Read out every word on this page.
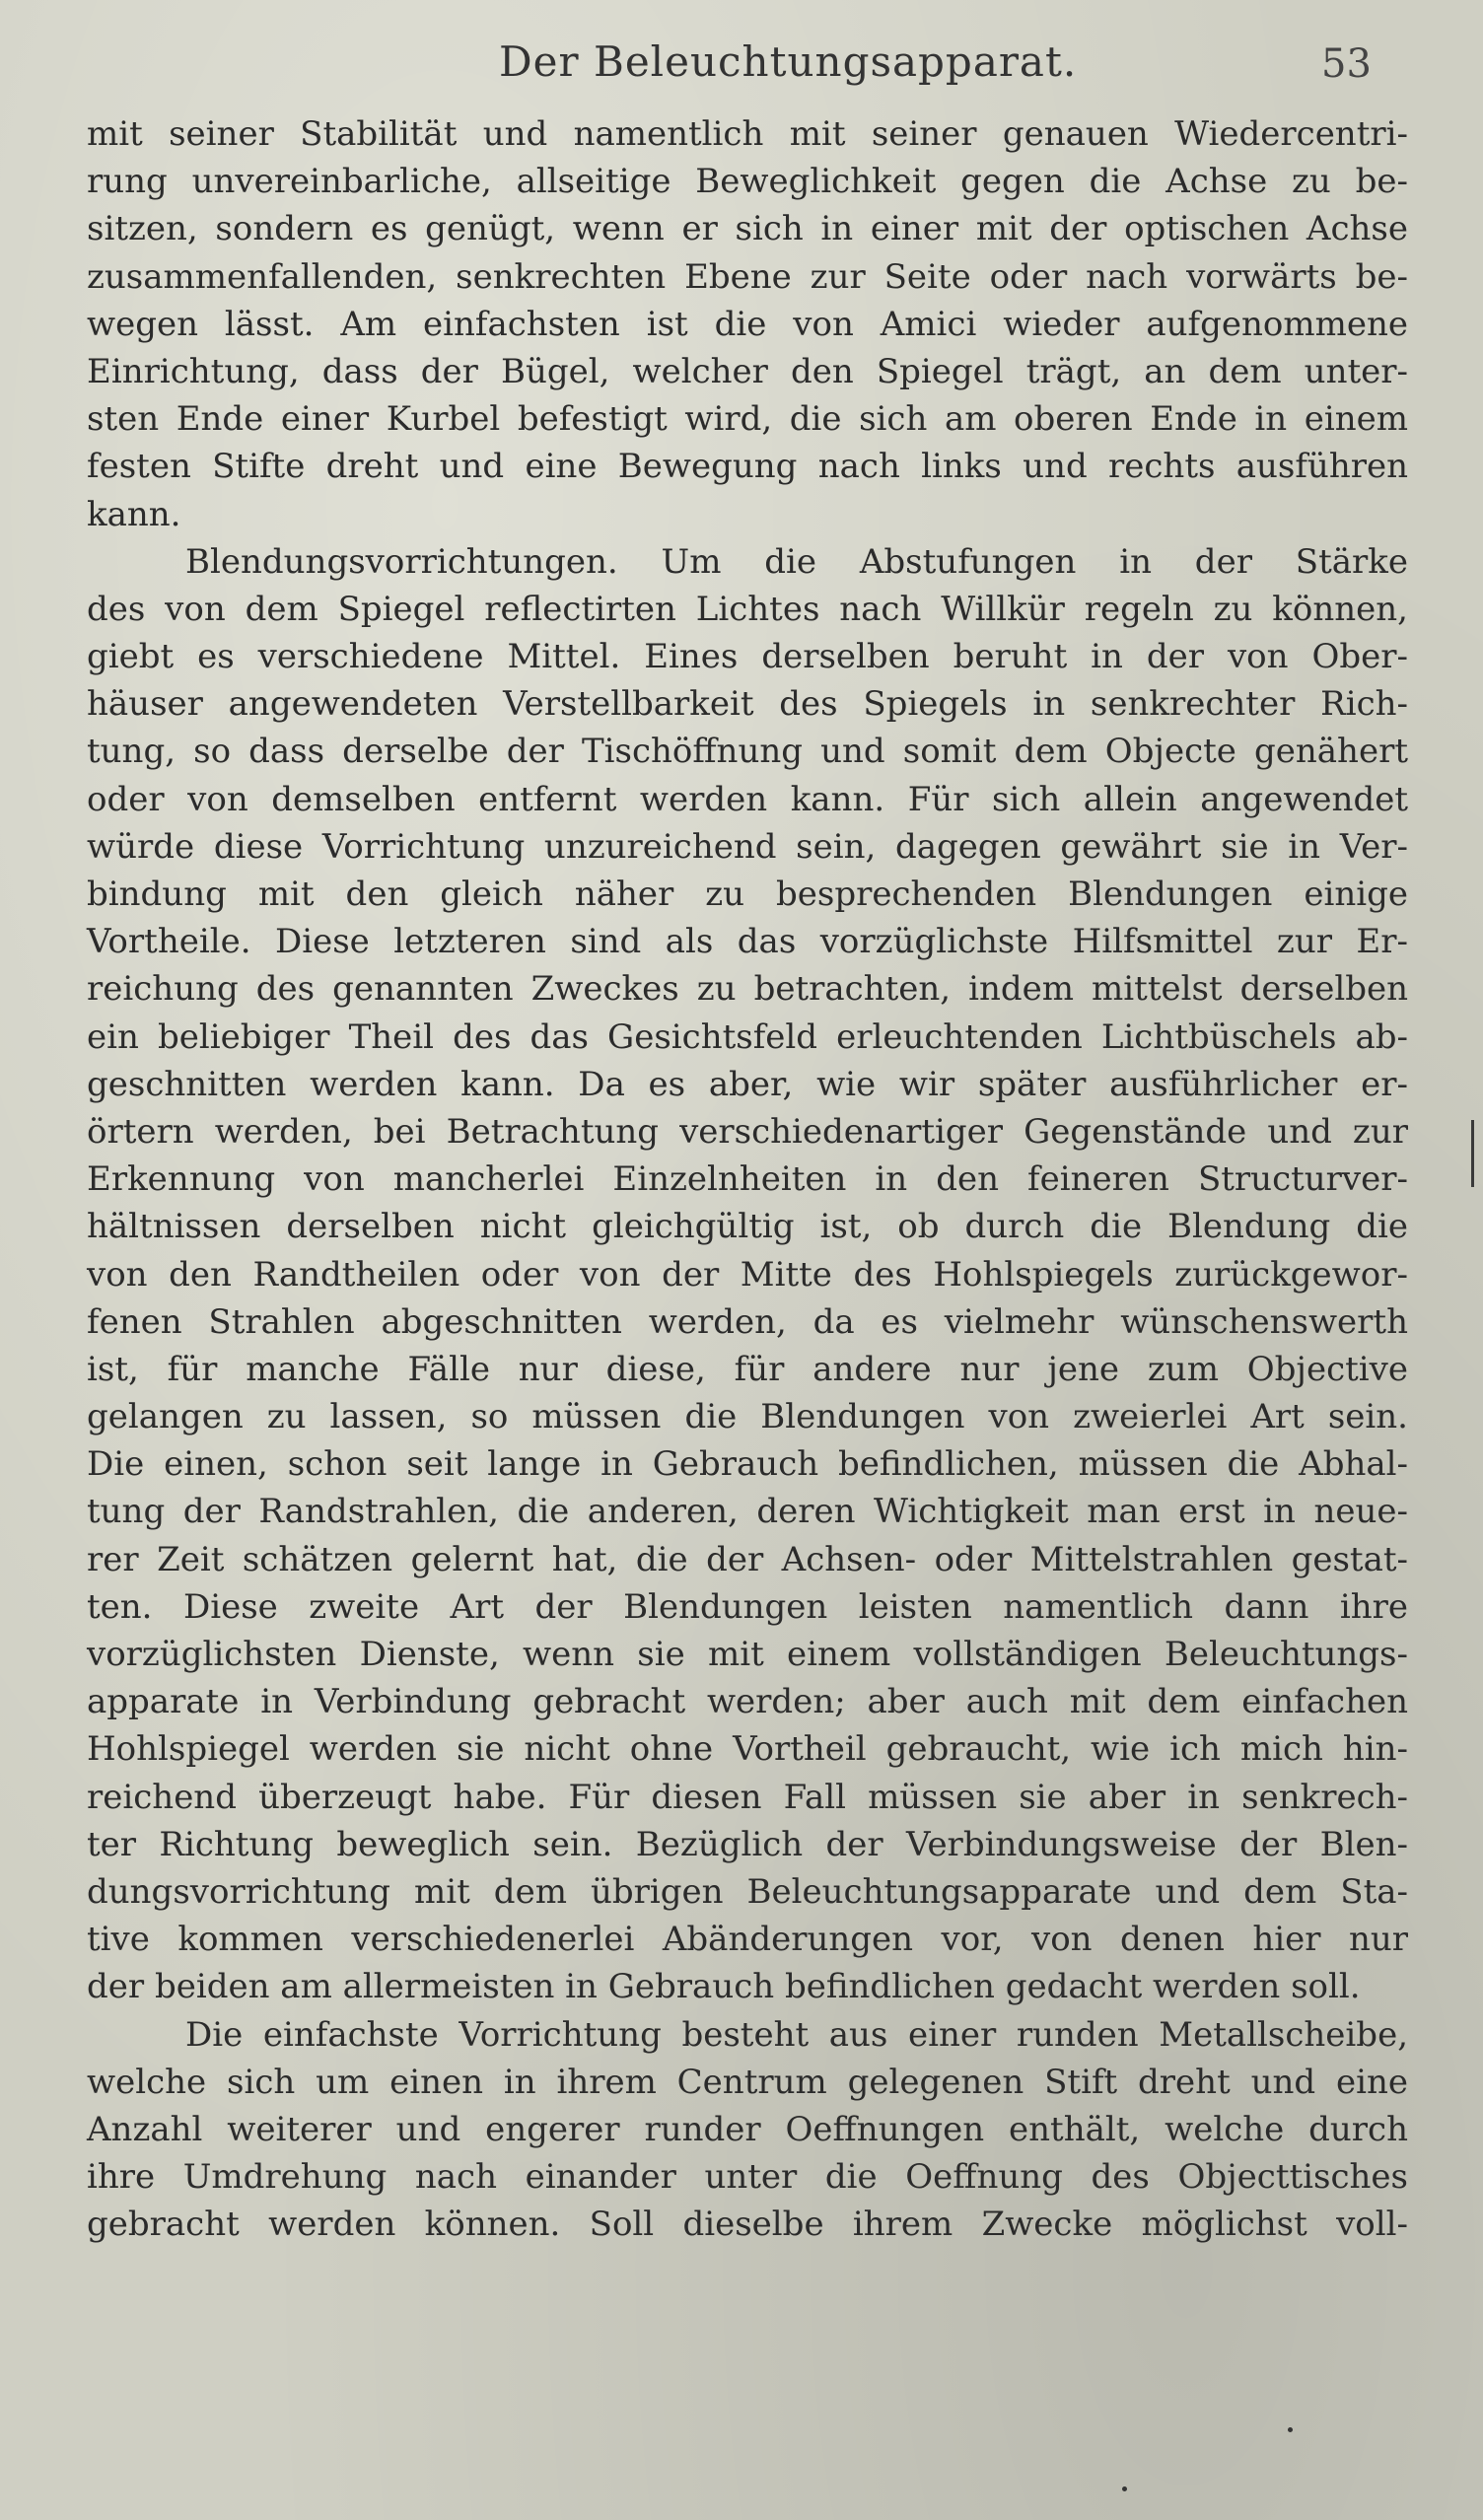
Der Beleuchtungsapparat.	53
mit seiner Stabilität und namentlich mit seiner genauen Wiedercentri-
rung unvereinbarliche, allseitige Beweglichkeit gegen die Achse zu be-
sitzen, sondern es genügt, wenn er sich in einer mit der optischen Achse
zusammenfallenden, senkrechten Ebene zur Seite oder nach vorwärts be-
wegen lässt. Am einfachsten ist die von Amici wieder aufgenommene
Einrichtung, dass der Bügel, welcher den Spiegel trägt, an dem unter-
sten Ende einer Kurbel befestigt wird, die sich am oberen Ende in einem
festen Stifte dreht und eine Bewegung nach links und rechts ausführen
kann.
Blendungsvorrichtungen. Um die Abstufungen in der Stärke
des von dem Spiegel reflectirten Lichtes nach Willkür regeln zu können,
giebt es verschiedene Mittel. Eines derselben beruht in der von Ober-
häuser angewendeten Verstellbarkeit des Spiegels in senkrechter Rich-
tung, so dass derselbe der Tischöffnung und somit dem Objecte genähert
oder von demselben entfernt werden kann. Für sich allein angewendet
würde diese Vorrichtung unzureichend sein, dagegen gewährt sie in Ver-
bindung mit den gleich näher zu besprechenden Blendungen einige
Vortheile. Diese letzteren sind als das vorzüglichste Hilfsmittel zur Er-
reichung des genannten Zweckes zu betrachten, indem mittelst derselben
ein beliebiger Theil des das Gesichtsfeld erleuchtenden Lichtbüschels ab-
geschnitten werden kann. Da es aber, wie wir später ausführlicher er-
örtern werden, bei Betrachtung verschiedenartiger Gegenstände und zur
Erkennung von mancherlei Einzelnheiten in den feineren Structurver-
hältnissen derselben nicht gleichgültig ist, ob durch die Blendung die
von den Randtheilen oder von der Mitte des Hohlspiegels zurückgewor-
fenen Strahlen abgeschnitten werden, da es vielmehr wünschenswerth
ist, für manche Fälle nur diese, für andere nur jene zum Objective
gelangen zu lassen, so müssen die Blendungen von zweierlei Art sein.
Die einen, schon seit lange in Gebrauch befindlichen, müssen die Abhal-
tung der Randstrahlen, die anderen, deren Wichtigkeit man erst in neue-
rer Zeit schätzen gelernt hat, die der Achsen- oder Mittelstrahlen gestat-
ten. Diese zweite Art der Blendungen leisten namentlich dann ihre
vorzüglichsten Dienste, wenn sie mit einem vollständigen Beleuchtungs-
apparate in Verbindung gebracht werden; aber auch mit dem einfachen
Hohlspiegel werden sie nicht ohne Vortheil gebraucht, wie ich mich hin-
reichend überzeugt habe. Für diesen Fall müssen sie aber in senkrech-
ter Richtung beweglich sein. Bezüglich der Verbindungsweise der Blen-
dungsvorrichtung mit dem übrigen Beleuchtungsapparate und dem Sta-
tive kommen verschiedenerlei Abänderungen vor, von denen hier nur
der beiden am allermeisten in Gebrauch befindlichen gedacht werden soll.
Die einfachste Vorrichtung besteht aus einer runden Metallscheibe,
welche sich um einen in ihrem Centrum gelegenen Stift dreht und eine
Anzahl weiterer und engerer runder Oeffnungen enthält, welche durch
ihre Umdrehung nach einander unter die Oeffnung des Objecttisches
gebracht werden können. Soll dieselbe ihrem Zwecke möglichst voll-
